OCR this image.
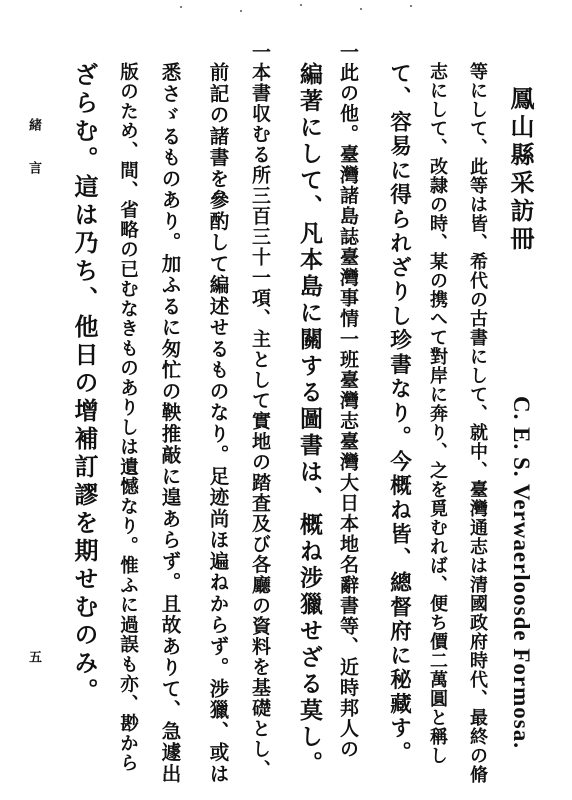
鳳山縣采訪冊
C. E. S. Verwaerloosde Formosa.
等にして、此等は皆、希代の古書にして、就中、臺灣通志は清國政府時代、最終の脩
志にして、改隷の時、某の携へて對岸に奔り、之を覓むれば、便ち價二萬圓と稱し
て、容易に得られざりし珍書なり。今概ね皆、總督府に秘藏す。
一此の他。臺灣諸島誌臺灣事情一班臺灣志臺灣大日本地名辭書等、近時邦人の
編著にして、凡本島に關する圖書は、概ね涉獵せざる莫し。
一本書収むる所三百三十一項、主として實地の踏査及び各廳の資料を基礎とし、
前記の諸書を參酌して編述せるものなり。足迹尚ほ遍ねからず。涉獵、或は
悉さゞるものあり。加ふるに匆忙の鞅推敲に遑あらず。且故ありて、急遽出
版のため、間、省略の已むなきものありしは遺憾なり。惟ふに過誤も亦、尠から
ざらむ。這は乃ち、他日の增補訂謬を期せむのみ。
緒言
五
